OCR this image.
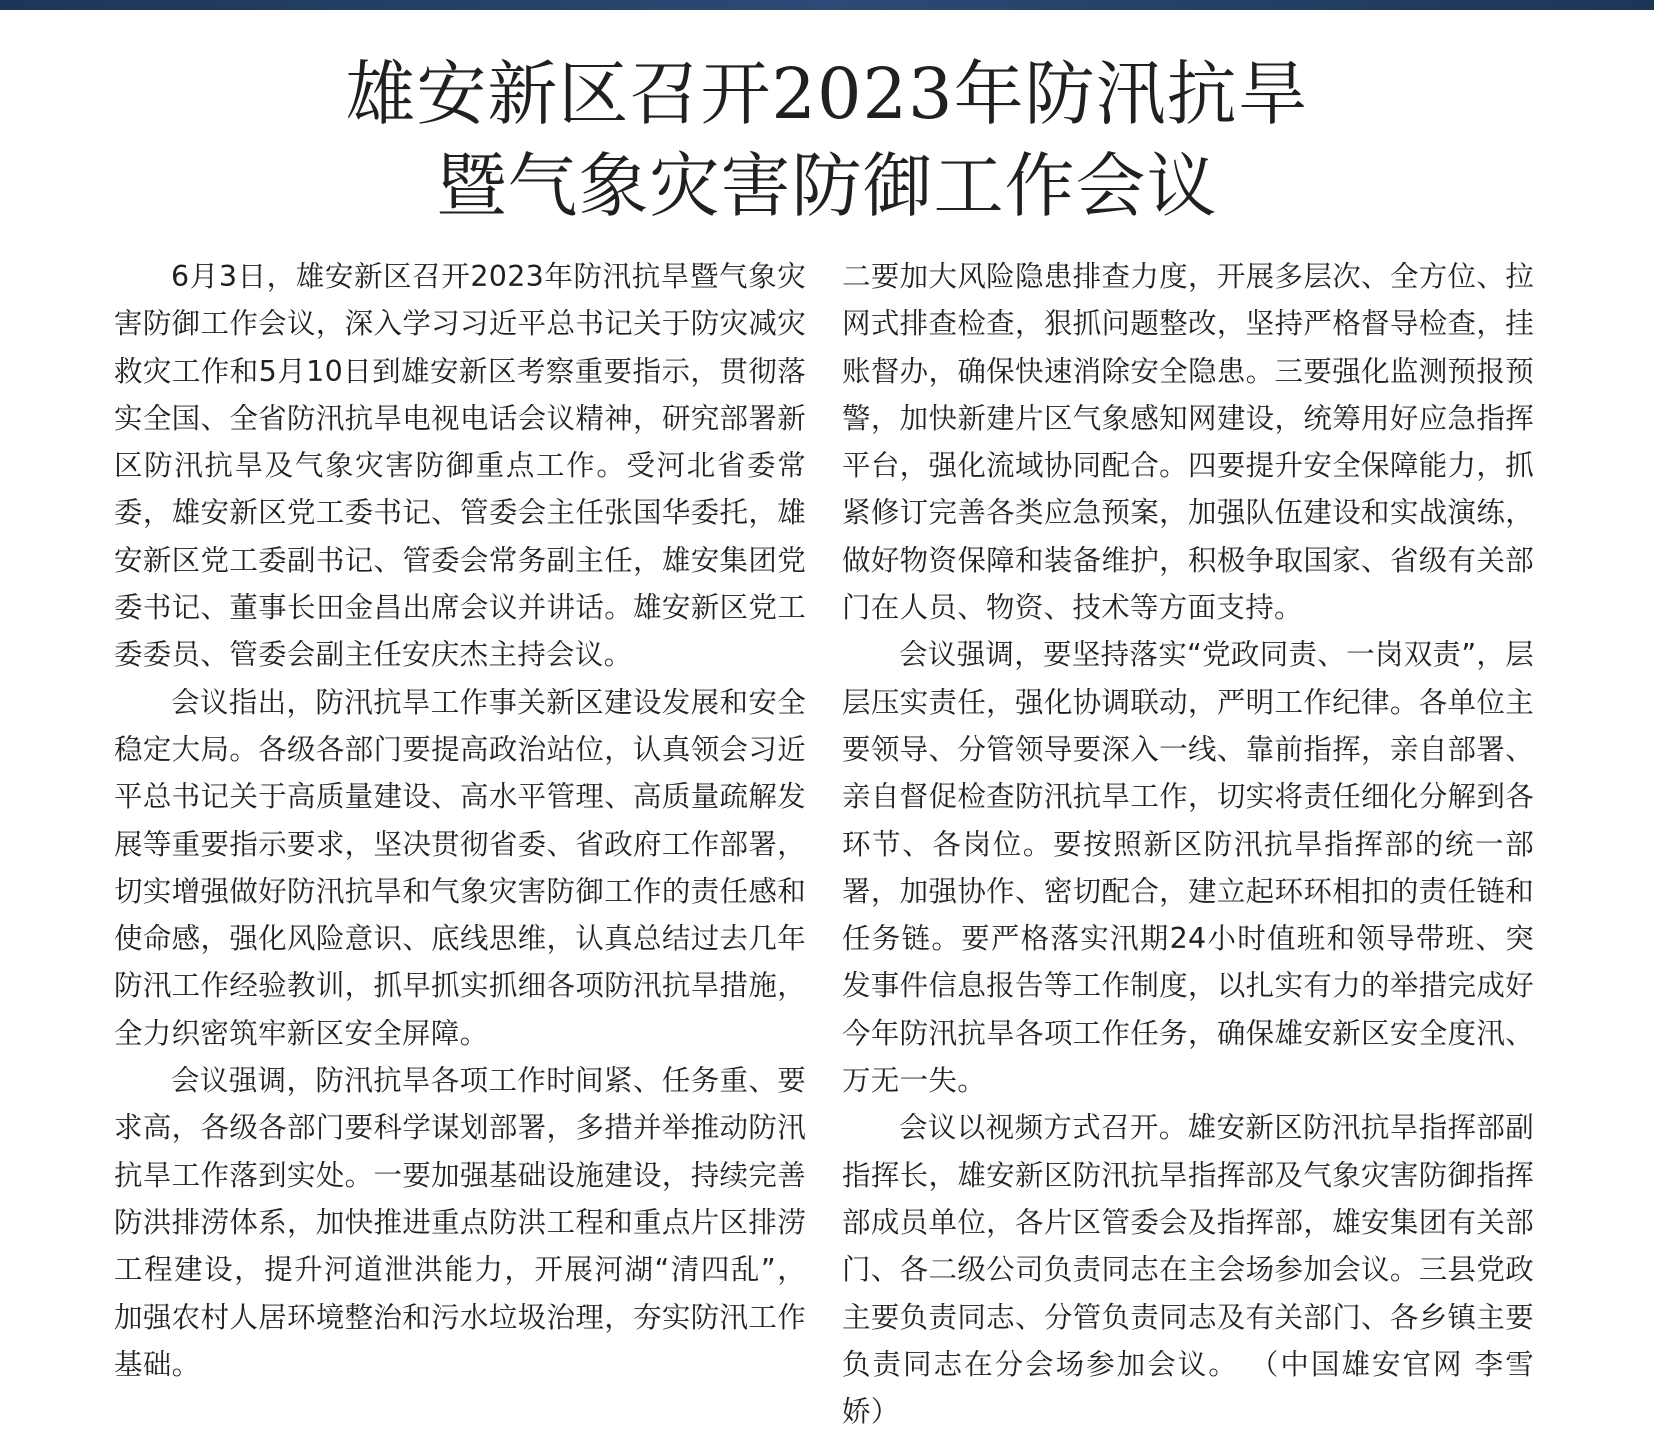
雄安新区召开2023年防汛抗旱
暨气象灾害防御工作会议

6月3日，雄安新区召开2023年防汛抗旱暨气象灾害防御工作会议，深入学习习近平总书记关于防灾减灾救灾工作和5月10日到雄安新区考察重要指示，贯彻落实全国、全省防汛抗旱电视电话会议精神，研究部署新区防汛抗旱及气象灾害防御重点工作。受河北省委常委，雄安新区党工委书记、管委会主任张国华委托，雄安新区党工委副书记、管委会常务副主任，雄安集团党委书记、董事长田金昌出席会议并讲话。雄安新区党工委委员、管委会副主任安庆杰主持会议。

会议指出，防汛抗旱工作事关新区建设发展和安全稳定大局。各级各部门要提高政治站位，认真领会习近平总书记关于高质量建设、高水平管理、高质量疏解发展等重要指示要求，坚决贯彻省委、省政府工作部署，切实增强做好防汛抗旱和气象灾害防御工作的责任感和使命感，强化风险意识、底线思维，认真总结过去几年防汛工作经验教训，抓早抓实抓细各项防汛抗旱措施，全力织密筑牢新区安全屏障。

会议强调，防汛抗旱各项工作时间紧、任务重、要求高，各级各部门要科学谋划部署，多措并举推动防汛抗旱工作落到实处。一要加强基础设施建设，持续完善防洪排涝体系，加快推进重点防洪工程和重点片区排涝工程建设，提升河道泄洪能力，开展河湖“清四乱”，加强农村人居环境整治和污水垃圾治理，夯实防汛工作基础。

二要加大风险隐患排查力度，开展多层次、全方位、拉网式排查检查，狠抓问题整改，坚持严格督导检查，挂账督办，确保快速消除安全隐患。三要强化监测预报预警，加快新建片区气象感知网建设，统筹用好应急指挥平台，强化流域协同配合。四要提升安全保障能力，抓紧修订完善各类应急预案，加强队伍建设和实战演练，做好物资保障和装备维护，积极争取国家、省级有关部门在人员、物资、技术等方面支持。

会议强调，要坚持落实“党政同责、一岗双责”，层层压实责任，强化协调联动，严明工作纪律。各单位主要领导、分管领导要深入一线、靠前指挥，亲自部署、亲自督促检查防汛抗旱工作，切实将责任细化分解到各环节、各岗位。要按照新区防汛抗旱指挥部的统一部署，加强协作、密切配合，建立起环环相扣的责任链和任务链。要严格落实汛期24小时值班和领导带班、突发事件信息报告等工作制度，以扎实有力的举措完成好今年防汛抗旱各项工作任务，确保雄安新区安全度汛、万无一失。

会议以视频方式召开。雄安新区防汛抗旱指挥部副指挥长，雄安新区防汛抗旱指挥部及气象灾害防御指挥部成员单位，各片区管委会及指挥部，雄安集团有关部门、各二级公司负责同志在主会场参加会议。三县党政主要负责同志、分管负责同志及有关部门、各乡镇主要负责同志在分会场参加会议。 （中国雄安官网 李雪娇）
